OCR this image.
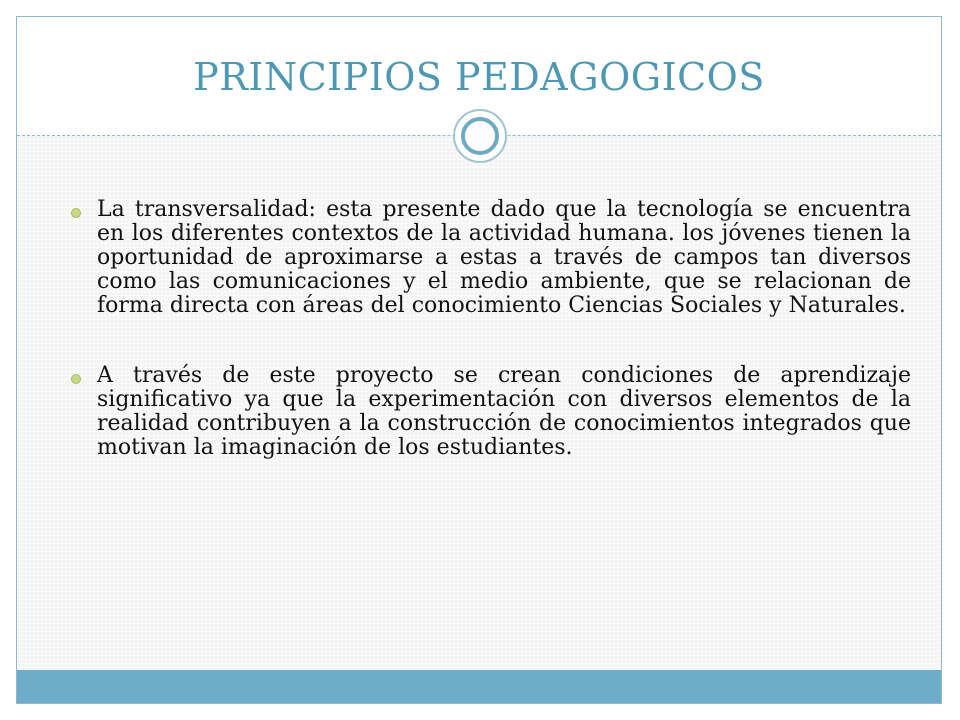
PRINCIPIOS PEDAGOGICOS
La transversalidad: esta presente dado que la tecnología se encuentra en los diferentes contextos de la actividad humana. los jóvenes tienen la oportunidad de aproximarse a estas a través de campos tan diversos como las comunicaciones y el medio ambiente, que se relacionan de forma directa con áreas del conocimiento Ciencias Sociales y Naturales.
A través de este proyecto se crean condiciones de aprendizaje significativo ya que la experimentación con diversos elementos de la realidad contribuyen a la construcción de conocimientos integrados que motivan la imaginación de los estudiantes.
